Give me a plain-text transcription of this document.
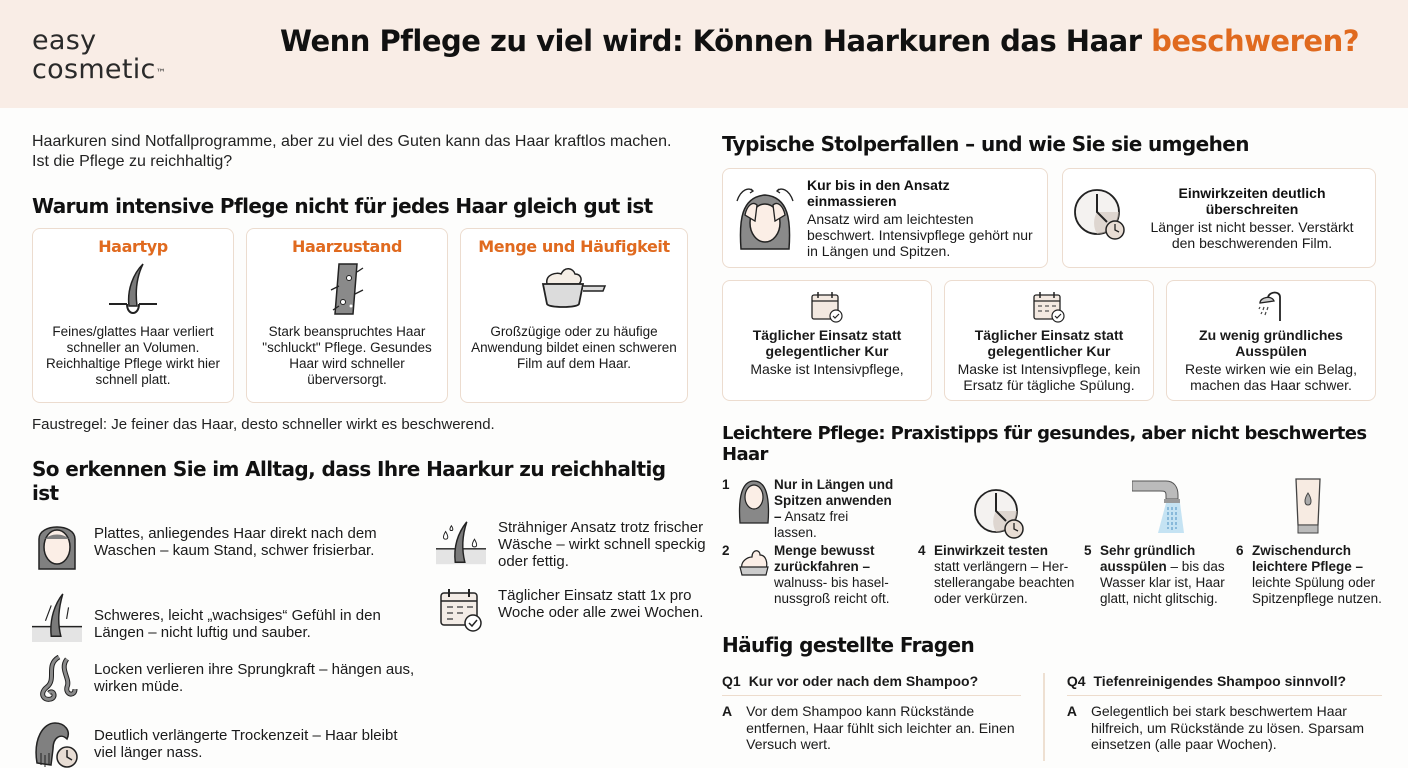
easy
cosmetic™
Wenn Pflege zu viel wird: Können Haarkuren das Haar beschweren?

Haarkuren sind Notfallprogramme, aber zu viel des Guten kann das Haar kraftlos machen. Ist die Pflege zu reichhaltig?

Warum intensive Pflege nicht für jedes Haar gleich gut ist
Haartyp
Feines/glattes Haar verliert schneller an Volumen. Reichhaltige Pflege wirkt hier schnell platt.
Haarzustand
Stark beanspruchtes Haar "schluckt" Pflege. Gesundes Haar wird schneller überversorgt.
Menge und Häufigkeit
Großzügige oder zu häufige Anwendung bildet einen schweren Film auf dem Haar.

Faustregel: Je feiner das Haar, desto schneller wirkt es beschwerend.

So erkennen Sie im Alltag, dass Ihre Haarkur zu reichhaltig ist
Plattes, anliegendes Haar direkt nach dem Waschen – kaum Stand, schwer frisierbar.
Schweres, leicht „wachsiges“ Gefühl in den Längen – nicht luftig und sauber.
Locken verlieren ihre Sprungkraft – hängen aus, wirken müde.
Deutlich verlängerte Trockenzeit – Haar bleibt viel länger nass.
Strähniger Ansatz trotz frischer Wäsche – wirkt schnell speckig oder fettig.
Täglicher Einsatz statt 1x pro Woche oder alle zwei Wochen.
Typische Stolperfallen – und wie Sie sie umgehen
Kur bis in den Ansatz einmassieren
Ansatz wird am leichtesten beschwert. Intensivpflege gehört nur in Längen und Spitzen.
Einwirkzeiten deutlich überschreiten
Länger ist nicht besser. Verstärkt den beschwerenden Film.
Täglicher Einsatz statt gelegentlicher Kur
Maske ist Intensivpflege,
Täglicher Einsatz statt gelegentlicher Kur
Maske ist Intensivpflege, kein Ersatz für tägliche Spülung.
Zu wenig gründliches Ausspülen
Reste wirken wie ein Belag, machen das Haar schwer.
Leichtere Pflege: Praxistipps für gesundes, aber nicht beschwertes Haar
1	Nur in Längen und Spitzen anwenden – Ansatz frei lassen.
2	Menge bewusst zurückfahren – walnuss- bis hasel-nussgroß reicht oft.
4 Einwirkzeit testen
statt verlängern – Her-stellerangabe beachten oder verkürzen.
5 Sehr gründlich ausspülen – bis das Wasser klar ist, Haar glatt, nicht glitschig.
6 Zwischendurch leichtere Pflege –
leichte Spülung oder Spitzenpflege nutzen.
Häufig gestellte Fragen
Q1 Kur vor oder nach dem Shampoo?
A Vor dem Shampoo kann Rückstände entfernen, Haar fühlt sich leichter an. Einen Versuch wert.
Q4 Tiefenreinigendes Shampoo sinnvoll?
A Gelegentlich bei stark beschwertem Haar hilfreich, um Rückstände zu lösen. Sparsam einsetzen (alle paar Wochen).
